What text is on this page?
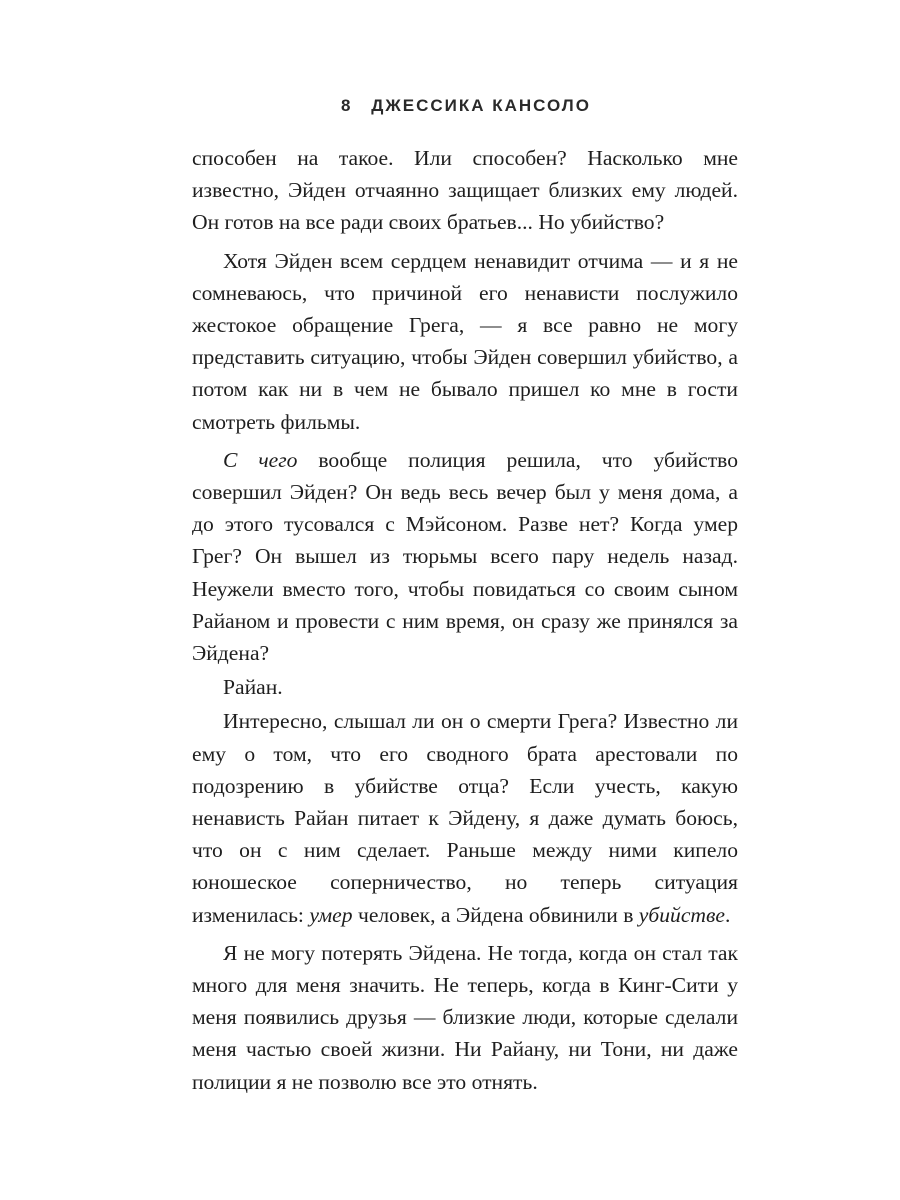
8 ДЖЕССИКА КАНСОЛО

способен на такое. Или способен? Насколько мне известно, Эйден отчаянно защищает близких ему людей. Он готов на все ради своих братьев... Но убийство?

Хотя Эйден всем сердцем ненавидит отчима — и я не сомневаюсь, что причиной его ненависти послужило жестокое обращение Грега, — я все равно не могу представить ситуацию, чтобы Эйден совершил убийство, а потом как ни в чем не бывало пришел ко мне в гости смотреть фильмы.

С чего вообще полиция решила, что убийство совершил Эйден? Он ведь весь вечер был у меня дома, а до этого тусовался с Мэйсоном. Разве нет? Когда умер Грег? Он вышел из тюрьмы всего пару недель назад. Неужели вместо того, чтобы повидаться со своим сыном Райаном и провести с ним время, он сразу же принялся за Эйдена?

Райан.

Интересно, слышал ли он о смерти Грега? Известно ли ему о том, что его сводного брата арестовали по подозрению в убийстве отца? Если учесть, какую ненависть Райан питает к Эйдену, я даже думать боюсь, что он с ним сделает. Раньше между ними кипело юношеское соперничество, но теперь ситуация изменилась: умер человек, а Эйдена обвинили в убийстве.

Я не могу потерять Эйдена. Не тогда, когда он стал так много для меня значить. Не теперь, когда в Кинг-Сити у меня появились друзья — близкие люди, которые сделали меня частью своей жизни. Ни Райану, ни Тони, ни даже полиции я не позволю все это отнять.
